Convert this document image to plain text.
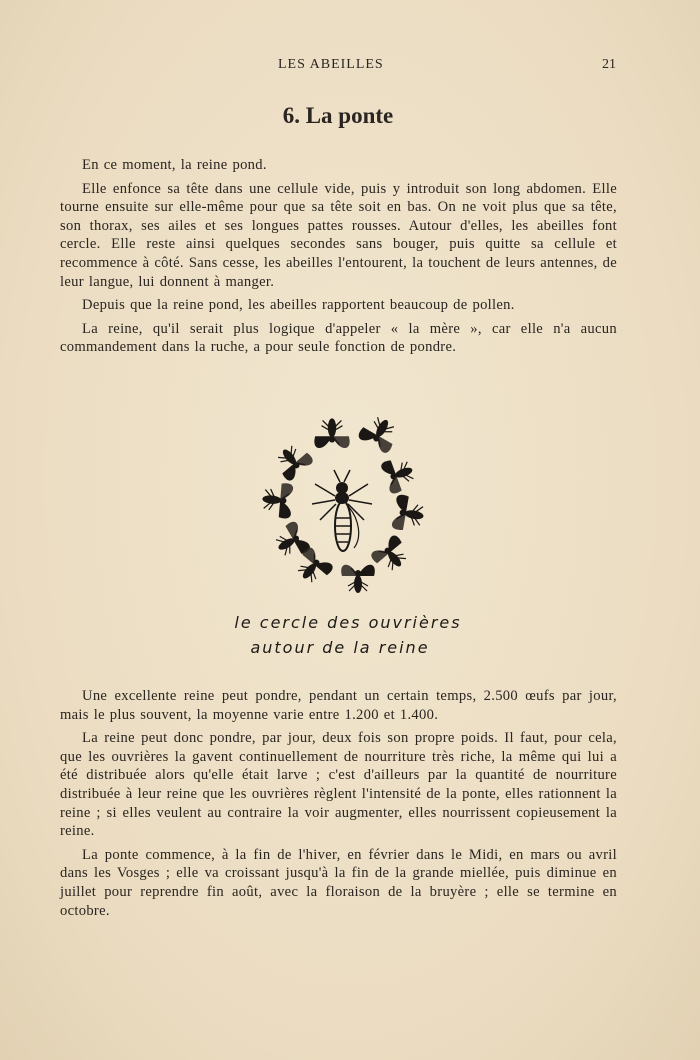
LES ABEILLES	21
6. La ponte

En ce moment, la reine pond.

Elle enfonce sa tête dans une cellule vide, puis y introduit son long abdomen. Elle tourne ensuite sur elle-même pour que sa tête soit en bas. On ne voit plus que sa tête, son thorax, ses ailes et ses longues pattes rousses. Autour d'elles, les abeilles font cercle. Elle reste ainsi quelques secondes sans bouger, puis quitte sa cellule et recommence à côté. Sans cesse, les abeilles l'entourent, la touchent de leurs antennes, de leur langue, lui donnent à manger.

Depuis que la reine pond, les abeilles rapportent beaucoup de pollen.

La reine, qu'il serait plus logique d'appeler « la mère », car elle n'a aucun commandement dans la ruche, a pour seule fonction de pondre.

le cercle des ouvrières
autour de la reine

Une excellente reine peut pondre, pendant un certain temps, 2.500 œufs par jour, mais le plus souvent, la moyenne varie entre 1.200 et 1.400.

La reine peut donc pondre, par jour, deux fois son propre poids. Il faut, pour cela, que les ouvrières la gavent continuellement de nourriture très riche, la même qui lui a été distribuée alors qu'elle était larve ; c'est d'ailleurs par la quantité de nourriture distribuée à leur reine que les ouvrières règlent l'intensité de la ponte, elles rationnent la reine ; si elles veulent au contraire la voir augmenter, elles nourrissent copieusement la reine.

La ponte commence, à la fin de l'hiver, en février dans le Midi, en mars ou avril dans les Vosges ; elle va croissant jusqu'à la fin de la grande miellée, puis diminue en juillet pour reprendre fin août, avec la floraison de la bruyère ; elle se termine en octobre.
